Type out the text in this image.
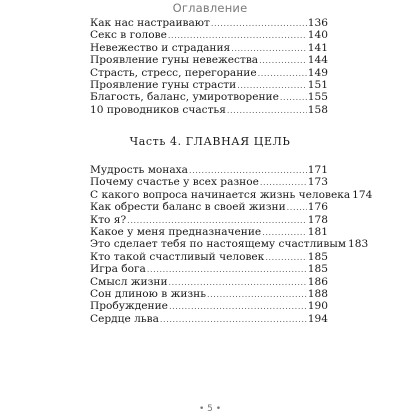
Оглавление
Как нас настраивают .....	136
Секс в голове .....	140
Невежество и страдания .....	141
Проявление гуны невежества .....	144
Страсть, стресс, перегорание .....	149
Проявление гуны страсти .....	151
Благость, баланс, умиротворение .....	155
10 проводников счастья .....	158
Часть 4. ГЛАВНАЯ ЦЕЛЬ
Мудрость монаха .....	171
Почему счастье у всех разное .....	173
С какого вопроса начинается жизнь человека 174
Как обрести баланс в своей жизни ..... 176
Кто я? .....	178
Какое у меня предназначение .....	181
Это сделает тебя по настоящему счастливым 183
Кто такой счастливый человек .....	185
Игра бога .....	185
Смысл жизни .....	186
Сон длиною в жизнь .....	188
Пробуждение .....	190
Сердце льва .....	194
• 5 •
